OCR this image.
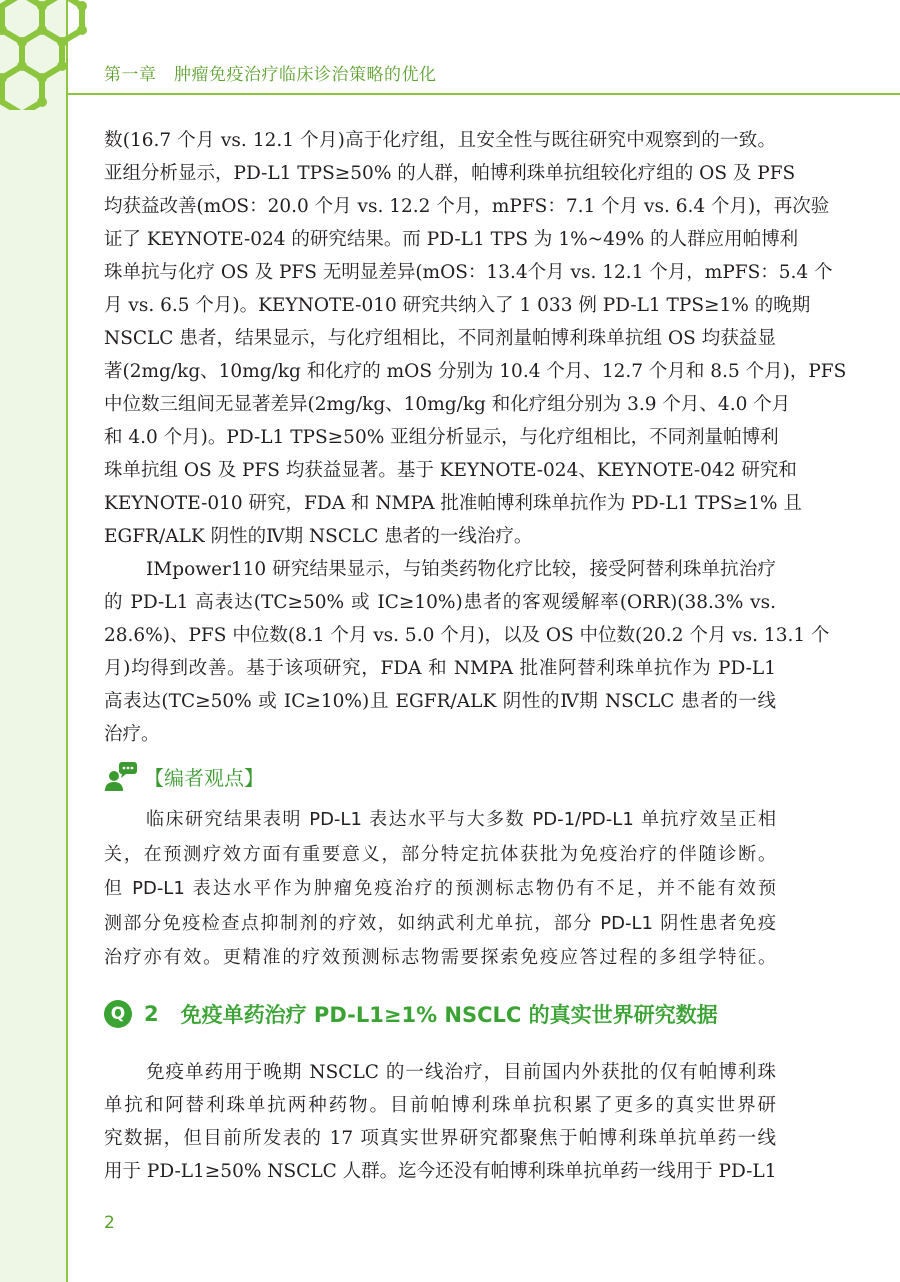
第一章　肿瘤免疫治疗临床诊治策略的优化
数(16.7 个月 vs. 12.1 个月)高于化疗组，且安全性与既往研究中观察到的一致。
亚组分析显示，PD-L1 TPS≥50% 的人群，帕博利珠单抗组较化疗组的 OS 及 PFS
均获益改善(mOS：20.0 个月 vs. 12.2 个月，mPFS：7.1 个月 vs. 6.4 个月)，再次验
证了 KEYNOTE-024 的研究结果。而 PD-L1 TPS 为 1%~49% 的人群应用帕博利
珠单抗与化疗 OS 及 PFS 无明显差异(mOS：13.4个月 vs. 12.1 个月，mPFS：5.4 个
月 vs. 6.5 个月)。KEYNOTE-010 研究共纳入了 1 033 例 PD-L1 TPS≥1% 的晚期
NSCLC 患者，结果显示，与化疗组相比，不同剂量帕博利珠单抗组 OS 均获益显
著(2mg/kg、10mg/kg 和化疗的 mOS 分别为 10.4 个月、12.7 个月和 8.5 个月)，PFS
中位数三组间无显著差异(2mg/kg、10mg/kg 和化疗组分别为 3.9 个月、4.0 个月
和 4.0 个月)。PD-L1 TPS≥50% 亚组分析显示，与化疗组相比，不同剂量帕博利
珠单抗组 OS 及 PFS 均获益显著。基于 KEYNOTE-024、KEYNOTE-042 研究和
KEYNOTE-010 研究，FDA 和 NMPA 批准帕博利珠单抗作为 PD-L1 TPS≥1% 且
EGFR/ALK 阴性的Ⅳ期 NSCLC 患者的一线治疗。
IMpower110 研究结果显示，与铂类药物化疗比较，接受阿替利珠单抗治疗
的 PD-L1 高表达(TC≥50% 或 IC≥10%)患者的客观缓解率(ORR)(38.3% vs.
28.6%)、PFS 中位数(8.1 个月 vs. 5.0 个月)，以及 OS 中位数(20.2 个月 vs. 13.1 个
月)均得到改善。基于该项研究，FDA 和 NMPA 批准阿替利珠单抗作为 PD-L1
高表达(TC≥50% 或 IC≥10%)且 EGFR/ALK 阴性的Ⅳ期 NSCLC 患者的一线
治疗。
【编者观点】
临床研究结果表明 PD-L1 表达水平与大多数 PD-1/PD-L1 单抗疗效呈正相
关，在预测疗效方面有重要意义，部分特定抗体获批为免疫治疗的伴随诊断。
但 PD-L1 表达水平作为肿瘤免疫治疗的预测标志物仍有不足，并不能有效预
测部分免疫检查点抑制剂的疗效，如纳武利尤单抗，部分 PD-L1 阴性患者免疫
治疗亦有效。更精准的疗效预测标志物需要探索免疫应答过程的多组学特征。
Q 2 免疫单药治疗 PD-L1≥1% NSCLC 的真实世界研究数据
免疫单药用于晚期 NSCLC 的一线治疗，目前国内外获批的仅有帕博利珠
单抗和阿替利珠单抗两种药物。目前帕博利珠单抗积累了更多的真实世界研
究数据，但目前所发表的 17 项真实世界研究都聚焦于帕博利珠单抗单药一线
用于 PD-L1≥50% NSCLC 人群。迄今还没有帕博利珠单抗单药一线用于 PD-L1
2
